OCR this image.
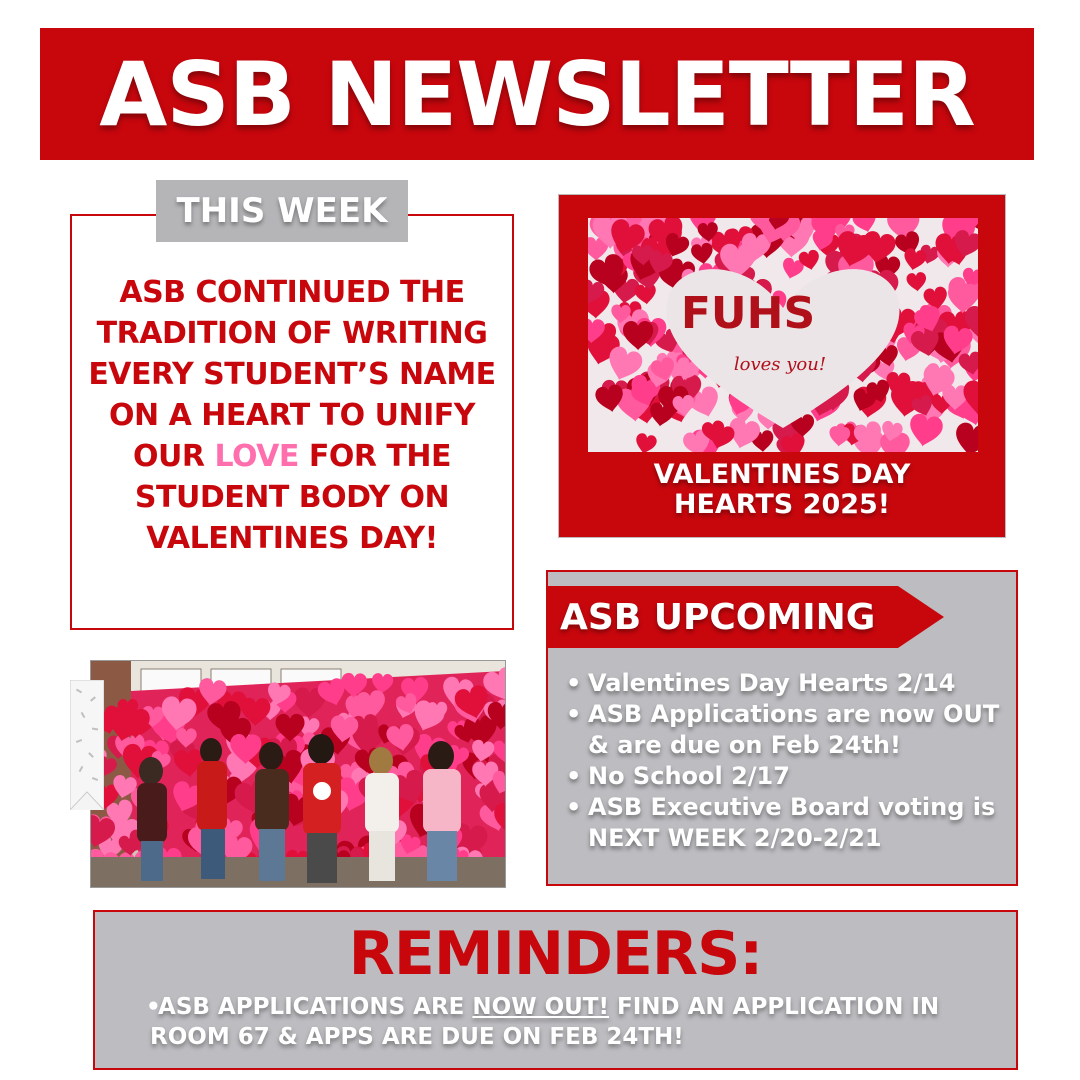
ASB NEWSLETTER
THIS WEEK
ASB CONTINUED THE TRADITION OF WRITING EVERY STUDENT’S NAME ON A HEART TO UNIFY OUR LOVE FOR THE STUDENT BODY ON VALENTINES DAY!
FUHS
loves you!
VALENTINES DAY
HEARTS 2025!
ASB UPCOMING
• Valentines Day Hearts 2/14
• ASB Applications are now OUT & are due on Feb 24th!
• No School 2/17
• ASB Executive Board voting is NEXT WEEK 2/20-2/21
REMINDERS:
•
ASB APPLICATIONS ARE NOW OUT! FIND AN APPLICATION IN ROOM 67 & APPS ARE DUE ON FEB 24TH!
